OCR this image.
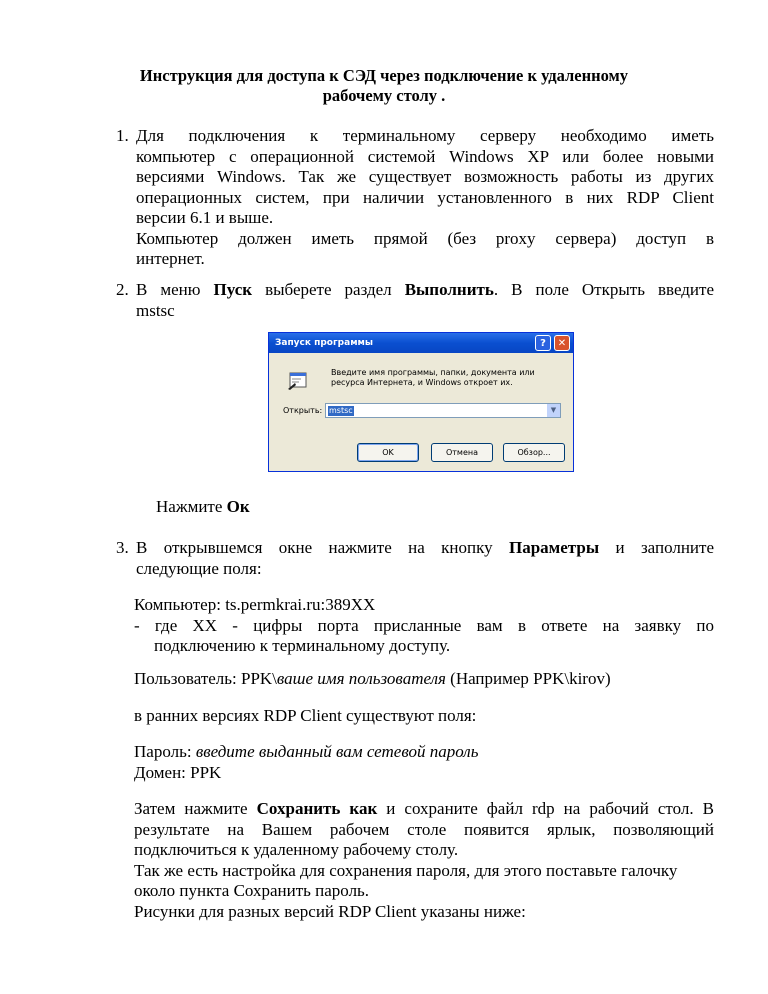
Инструкция для доступа к СЭД через подключение к удаленному
рабочему столу .
1. Для подключения к терминальному серверу необходимо иметь
компьютер с операционной системой Windows XP или более новыми
версиями Windows. Так же существует возможность работы из других
операционных систем, при наличии установленного в них RDP Client
версии 6.1 и выше.
Компьютер должен иметь прямой (без proxy сервера) доступ в
интернет.
2. В меню Пуск выберете раздел Выполнить. В поле Открыть введите
mstsc
Запуск программы	?	✕
Введите имя программы, папки, документа или ресурса Интернета, и Windows откроет их.
Открыть: mstsc	▼
OK	Отмена	Обзор...
Нажмите Ок
3. В открывшемся окне нажмите на кнопку Параметры и заполните
следующие поля:
Компьютер: ts.permkrai.ru:389XX
- где XX - цифры порта присланные вам в ответе на заявку по
подключению к терминальному доступу.
Пользователь: PPK\ваше имя пользователя (Например PPK\kirov)
в ранних версиях RDP Client существуют поля:
Пароль: введите выданный вам сетевой пароль
Домен: PPK
Затем нажмите Сохранить как и сохраните файл rdp на рабочий стол. В
результате на Вашем рабочем столе появится ярлык, позволяющий
подключиться к удаленному рабочему столу.
Так же есть настройка для сохранения пароля, для этого поставьте галочку
около пункта Сохранить пароль.
Рисунки для разных версий RDP Client указаны ниже:
